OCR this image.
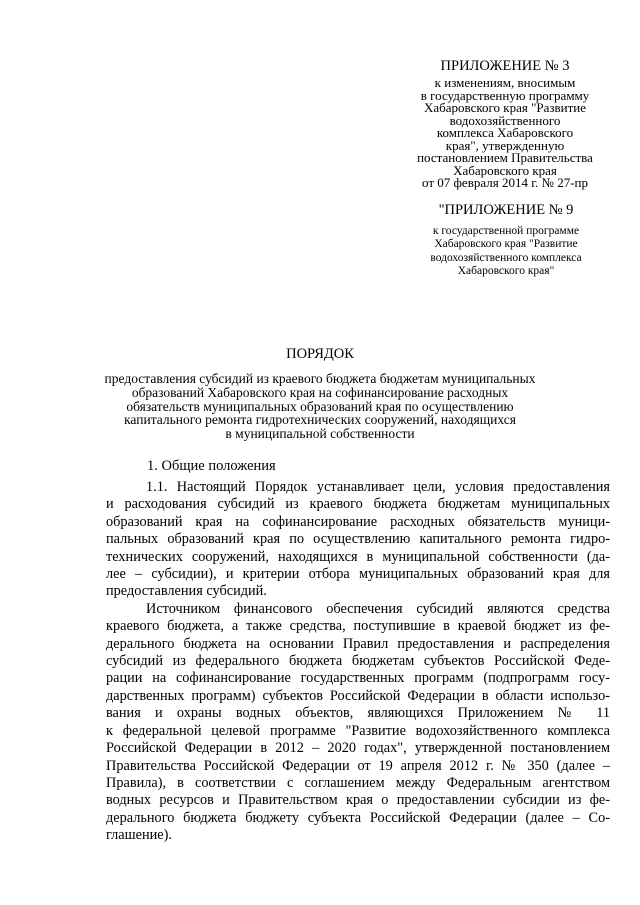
ПРИЛОЖЕНИЕ № 3
к изменениям, вносимым
в государственную программу
Хабаровского края "Развитие
водохозяйственного
комплекса Хабаровского
края", утвержденную
постановлением Правительства
Хабаровского края
от 07 февраля 2014 г. № 27-пр
"ПРИЛОЖЕНИЕ № 9
к государственной программе
Хабаровского края "Развитие
водохозяйственного комплекса
Хабаровского края"
ПОРЯДОК
предоставления субсидий из краевого бюджета бюджетам муниципальных
образований Хабаровского края на софинансирование расходных
обязательств муниципальных образований края по осуществлению
капитального ремонта гидротехнических сооружений, находящихся
в муниципальной собственности
1. Общие положения
1.1. Настоящий Порядок устанавливает цели, условия предоставления
и расходования субсидий из краевого бюджета бюджетам муниципальных
образований края на софинансирование расходных обязательств муници-
пальных образований края по осуществлению капитального ремонта гидро-
технических сооружений, находящихся в муниципальной собственности (да-
лее – субсидии), и критерии отбора муниципальных образований края для
предоставления субсидий.
Источником финансового обеспечения субсидий являются средства
краевого бюджета, а также средства, поступившие в краевой бюджет из фе-
дерального бюджета на основании Правил предоставления и распределения
субсидий из федерального бюджета бюджетам субъектов Российской Феде-
рации на софинансирование государственных программ (подпрограмм госу-
дарственных программ) субъектов Российской Федерации в области использо-
вания и охраны водных объектов, являющихся Приложением № 11
к федеральной целевой программе "Развитие водохозяйственного комплекса
Российской Федерации в 2012 – 2020 годах", утвержденной постановлением
Правительства Российской Федерации от 19 апреля 2012 г. № 350 (далее –
Правила), в соответствии с соглашением между Федеральным агентством
водных ресурсов и Правительством края о предоставлении субсидии из фе-
дерального бюджета бюджету субъекта Российской Федерации (далее – Со-
глашение).
